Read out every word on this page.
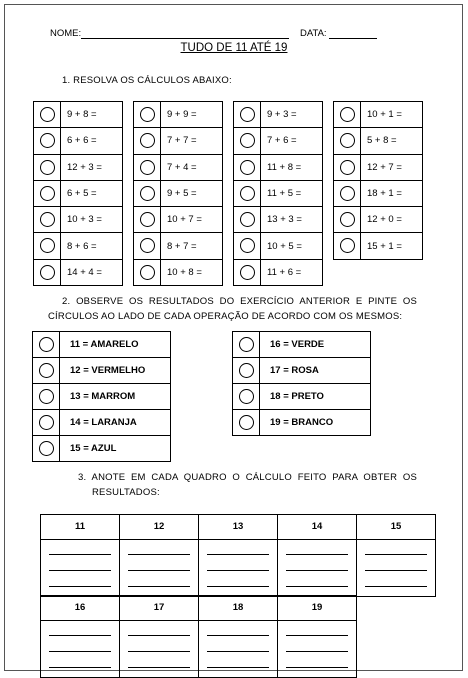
NOME:	DATA:
TUDO DE 11 ATÉ 19
1. RESOLVA OS CÁLCULOS ABAIXO:
	9 + 8 =
	6 + 6 =
	12 + 3 =
	6 + 5 =
	10 + 3 =
	8 + 6 =
	14 + 4 =
	9 + 9 =
	7 + 7 =
	7 + 4 =
	9 + 5 =
	10 + 7 =
	8 + 7 =
	10 + 8 =
	9 + 3 =
	7 + 6 =
	11 + 8 =
	11 + 5 =
	13 + 3 =
	10 + 5 =
	11 + 6 =
	10 + 1 =
	5 + 8 =
	12 + 7 =
	18 + 1 =
	12 + 0 =
	15 + 1 =
2. OBSERVE OS RESULTADOS DO EXERCÍCIO ANTERIOR E PINTE OS
CÍRCULOS AO LADO DE CADA OPERAÇÃO DE ACORDO COM OS MESMOS:
	11 = AMARELO
	12 = VERMELHO
	13 = MARROM
	14 = LARANJA
	15 = AZUL
	16 = VERDE
	17 = ROSA
	18 = PRETO
	19 = BRANCO
3. ANOTE EM CADA QUADRO O CÁLCULO FEITO PARA OBTER OS
RESULTADOS:
11	12	13	14	15
16	17	18	19
